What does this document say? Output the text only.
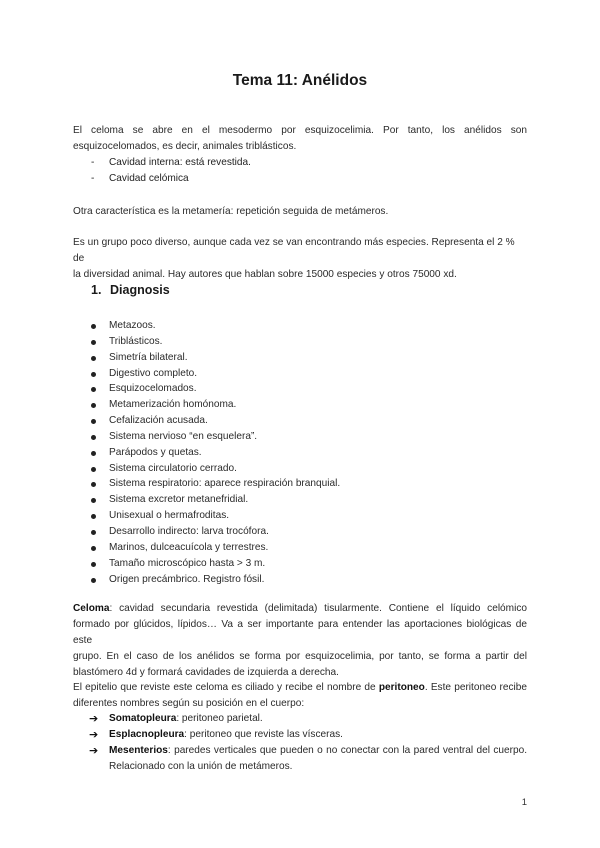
Tema 11: Anélidos
El celoma se abre en el mesodermo por esquizocelimia. Por tanto, los anélidos son
esquizocelomados, es decir, animales triblásticos.
- Cavidad interna: está revestida.
- Cavidad celómica
Otra característica es la metamería: repetición seguida de metámeros.
Es un grupo poco diverso, aunque cada vez se van encontrando más especies. Representa el 2 % de
la diversidad animal. Hay autores que hablan sobre 15000 especies y otros 75000 xd.
1. Diagnosis
Metazoos.
Triblásticos.
Simetría bilateral.
Digestivo completo.
Esquizocelomados.
Metamerización homónoma.
Cefalización acusada.
Sistema nervioso “en esquelera”.
Parápodos y quetas.
Sistema circulatorio cerrado.
Sistema respiratorio: aparece respiración branquial.
Sistema excretor metanefridial.
Unisexual o hermafroditas.
Desarrollo indirecto: larva trocófora.
Marinos, dulceacuícola y terrestres.
Tamaño microscópico hasta > 3 m.
Origen precámbrico. Registro fósil.
Celoma: cavidad secundaria revestida (delimitada) tisularmente. Contiene el líquido celómico
formado por glúcidos, lípidos… Va a ser importante para entender las aportaciones biológicas de este
grupo. En el caso de los anélidos se forma por esquizocelimia, por tanto, se forma a partir del
blastómero 4d y formará cavidades de izquierda a derecha.
El epitelio que reviste este celoma es ciliado y recibe el nombre de peritoneo. Este peritoneo recibe
diferentes nombres según su posición en el cuerpo:
➔ Somatopleura: peritoneo parietal.
➔ Esplacnopleura: peritoneo que reviste las vísceras.
➔ Mesenterios: paredes verticales que pueden o no conectar con la pared ventral del cuerpo.
Relacionado con la unión de metámeros.
1
